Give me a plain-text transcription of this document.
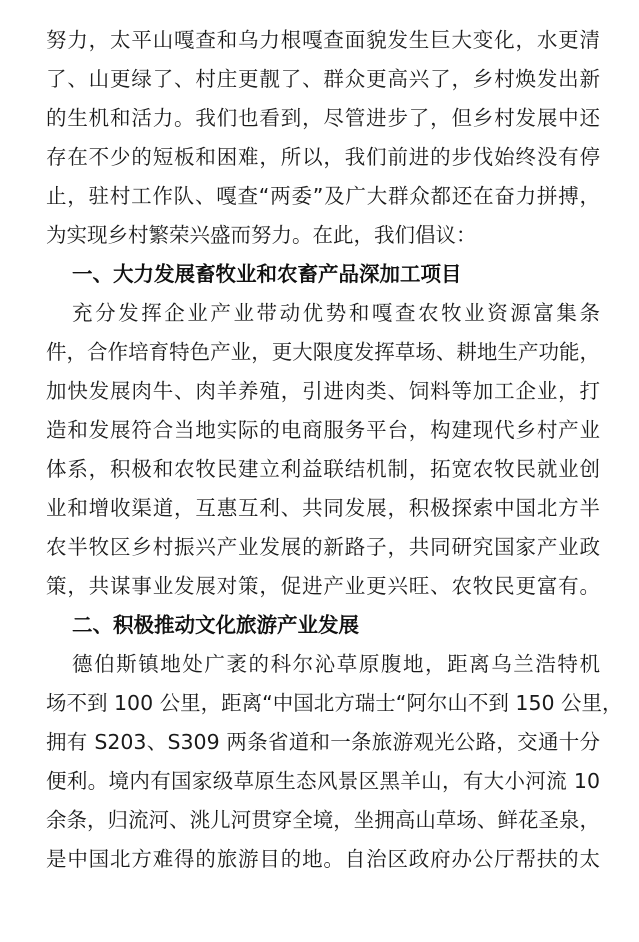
努力，太平山嘎查和乌力根嘎查面貌发生巨大变化，水更清
了、山更绿了、村庄更靓了、群众更高兴了，乡村焕发出新
的生机和活力。我们也看到，尽管进步了，但乡村发展中还
存在不少的短板和困难，所以，我们前进的步伐始终没有停
止，驻村工作队、嘎查“两委”及广大群众都还在奋力拼搏，
为实现乡村繁荣兴盛而努力。在此，我们倡议：
一、大力发展畜牧业和农畜产品深加工项目
充分发挥企业产业带动优势和嘎查农牧业资源富集条
件，合作培育特色产业，更大限度发挥草场、耕地生产功能，
加快发展肉牛、肉羊养殖，引进肉类、饲料等加工企业，打
造和发展符合当地实际的电商服务平台，构建现代乡村产业
体系，积极和农牧民建立利益联结机制，拓宽农牧民就业创
业和增收渠道，互惠互利、共同发展，积极探索中国北方半
农半牧区乡村振兴产业发展的新路子，共同研究国家产业政
策，共谋事业发展对策，促进产业更兴旺、农牧民更富有。
二、积极推动文化旅游产业发展
德伯斯镇地处广袤的科尔沁草原腹地，距离乌兰浩特机
场不到 100 公里，距离“中国北方瑞士“阿尔山不到 150 公里，
拥有 S203、S309 两条省道和一条旅游观光公路，交通十分
便利。境内有国家级草原生态风景区黑羊山，有大小河流 10
余条，归流河、洮儿河贯穿全境，坐拥高山草场、鲜花圣泉，
是中国北方难得的旅游目的地。自治区政府办公厅帮扶的太
